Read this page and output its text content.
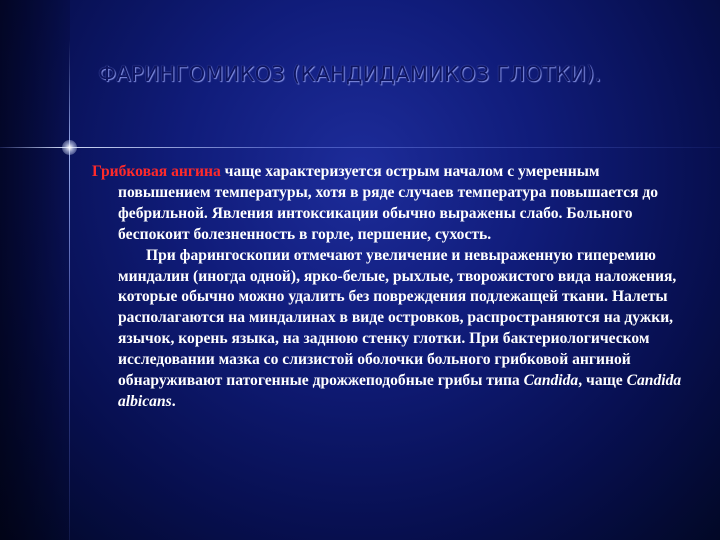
ФАРИНГОМИКОЗ (КАНДИДАМИКОЗ ГЛОТКИ).

Грибковая ангина чаще характеризуется острым началом с умеренным повышением температуры, хотя в ряде случаев температура повышается до фебрильной. Явления интоксикации обычно выражены слабо. Больного беспокоит болезненность в горле, першение, сухость.

При фарингоскопии отмечают увеличение и невыраженную гиперемию миндалин (иногда одной), ярко-белые, рыхлые, творожистого вида наложения, которые обычно можно удалить без повреждения подлежащей ткани. Налеты располагаются на миндалинах в виде островков, распространяются на дужки, язычок, корень языка, на заднюю стенку глотки. При бактериологическом исследовании мазка со слизистой оболочки больного грибковой ангиной обнаруживают патогенные дрожжеподобные грибы типа Candida, чаще Candida albicans.
